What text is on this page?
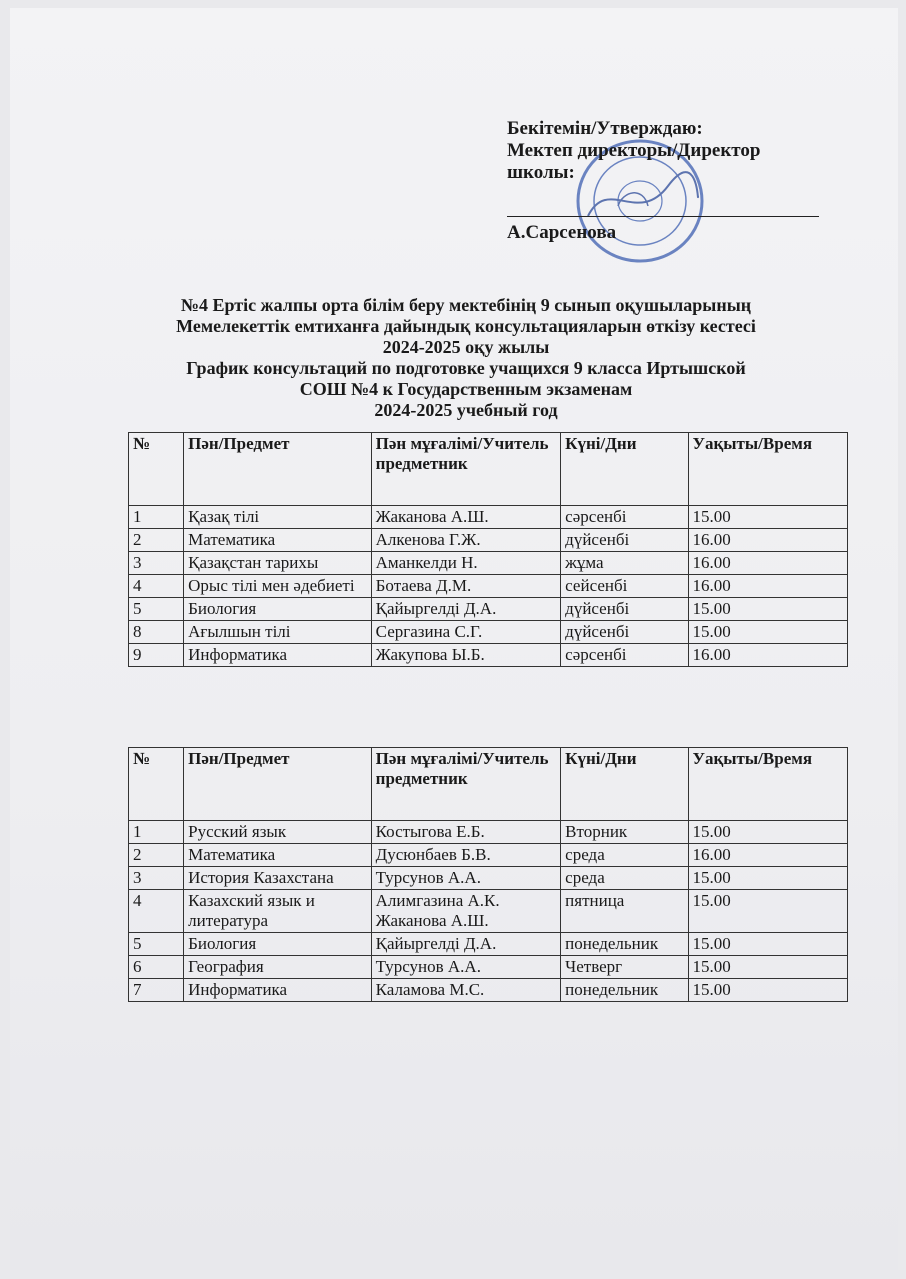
Бекітемін/Утверждаю:
Мектеп директоры/Директор
школы:
А.Сарсенова
№4 Ертіс жалпы орта білім беру мектебінің 9 сынып оқушыларының
Мемелекеттік емтиханға дайындық консультацияларын өткізу кестесі
2024-2025 оқу жылы
График консультаций по подготовке учащихся 9 класса Иртышской
СОШ №4 к Государственным экзаменам
2024-2025 учебный год
№	Пән/Предмет	Пән мұғалімі/Учитель предметник	Күні/Дни	Уақыты/Время
1	Қазақ тілі	Жаканова А.Ш.	сәрсенбі	15.00
2	Математика	Алкенова Г.Ж.	дүйсенбі	16.00
3	Қазақстан тарихы	Аманкелди Н.	жұма	16.00
4	Орыс тілі мен әдебиеті	Ботаева Д.М.	сейсенбі	16.00
5	Биология	Қайыргелді Д.А.	дүйсенбі	15.00
8	Ағылшын тілі	Сергазина С.Г.	дүйсенбі	15.00
9	Информатика	Жакупова Ы.Б.	сәрсенбі	16.00
№	Пән/Предмет	Пән мұғалімі/Учитель предметник	Күні/Дни	Уақыты/Время
1	Русский язык	Костыгова Е.Б.	Вторник	15.00
2	Математика	Дусюнбаев Б.В.	среда	16.00
3	История Казахстана	Турсунов А.А.	среда	15.00
4	Казахский язык и литература	Алимгазина А.К. Жаканова А.Ш.	пятница	15.00
5	Биология	Қайыргелді Д.А.	понедельник	15.00
6	География	Турсунов А.А.	Четверг	15.00
7	Информатика	Каламова М.С.	понедельник	15.00
